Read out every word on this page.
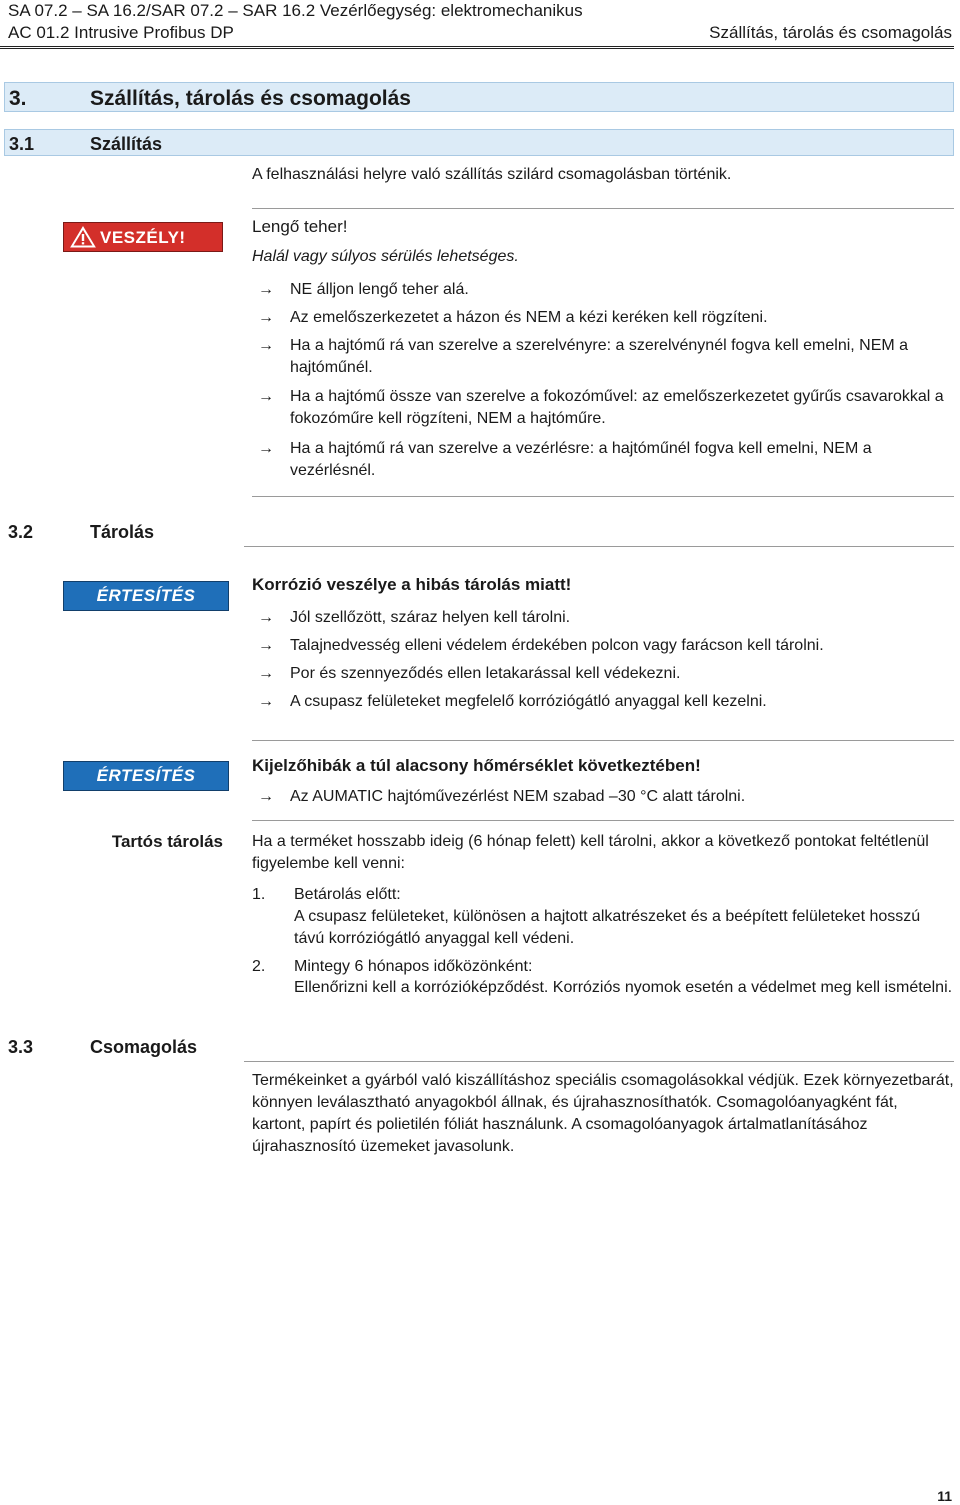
SA 07.2 – SA 16.2/SAR 07.2 – SAR 16.2 Vezérlőegység: elektromechanikus
AC 01.2 Intrusive Profibus DP	Szállítás, tárolás és csomagolás
3.	Szállítás, tárolás és csomagolás
3.1	Szállítás
A felhasználási helyre való szállítás szilárd csomagolásban történik.
VESZÉLY!
Lengő teher!
Halál vagy súlyos sérülés lehetséges.
→	NE álljon lengő teher alá.
→	Az emelőszerkezetet a házon és NEM a kézi keréken kell rögzíteni.
→	Ha a hajtómű rá van szerelve a szerelvényre: a szerelvénynél fogva kell emelni, NEM a hajtóműnél.
→	Ha a hajtómű össze van szerelve a fokozóművel: az emelőszerkezetet gyűrűs csavarokkal a fokozóműre kell rögzíteni, NEM a hajtóműre.
→	Ha a hajtómű rá van szerelve a vezérlésre: a hajtóműnél fogva kell emelni, NEM a vezérlésnél.
3.2	Tárolás
ÉRTESÍTÉS
Korrózió veszélye a hibás tárolás miatt!
→	Jól szellőzött, száraz helyen kell tárolni.
→	Talajnedvesség elleni védelem érdekében polcon vagy farácson kell tárolni.
→	Por és szennyeződés ellen letakarással kell védekezni.
→	A csupasz felületeket megfelelő korróziógátló anyaggal kell kezelni.
ÉRTESÍTÉS
Kijelzőhibák a túl alacsony hőmérséklet következtében!
→	Az AUMATIC hajtóművezérlést NEM szabad –30 °C alatt tárolni.
Tartós tárolás Ha a terméket hosszabb ideig (6 hónap felett) kell tárolni, akkor a következő pontokat feltétlenül figyelembe kell venni:
1. Betárolás előtt:
A csupasz felületeket, különösen a hajtott alkatrészeket és a beépített felületeket hosszú távú korróziógátló anyaggal kell védeni.
2. Mintegy 6 hónapos időközönként:
Ellenőrizni kell a korrózióképződést. Korróziós nyomok esetén a védelmet meg kell ismételni.
3.3	Csomagolás
Termékeinket a gyárból való kiszállításhoz speciális csomagolásokkal védjük. Ezek környezetbarát, könnyen leválasztható anyagokból állnak, és újrahasznosíthatók. Csomagolóanyagként fát, kartont, papírt és polietilén fóliát használunk. A csomagolóanyagok ártalmatlanításához újrahasznosító üzemeket javasolunk.
11
